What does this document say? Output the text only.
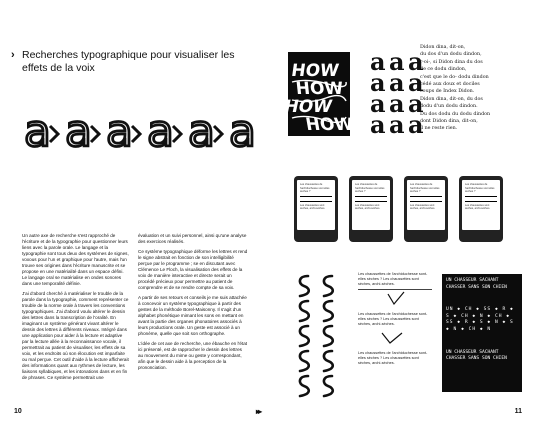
› Recherches typographique pour visualiser les effets de la voix
a a a a a a

Un autre axe de recherche s'est rapproché de l'écriture et de la typographie pour questionner leurs liens avec la parole orale. Le langage et la typographie sont tous deux des systèmes de signes, voxous pour l'un et graphique pour l'autre, mais l'un trouve ses origines dans l'écriture manuscrite et se propose en une matérialité dans un espace défini. Le langage oral se matérialise en ondes sonores dans une temporalité définie.

J'ai d'abord cherché à matérialiser le trouble de la parole dans la typographie, comment représenter ce trouble de la norme orale à travers les conventions typographiques. J'ai d'abord voulu altérer le dessin des lettres dans la transcription de l'oralité. En imaginant un système générant vivant altérer le dessin des lettres à différents niveaux. Intégré dans une application pour aider à la lecture et adaptive par la lecture allée à la reconnaissance vocale, il permettrait au patient de visualiser, les effets de sa voix, et les endroits où son élocution est imparfaite ou mal perçue. Cet outil d'aide à la lecture afficherait des informations quant aux rythmes de lecture, les liaisons syllabiques, et les intonations dans et en fin de phrases. Ce système permettrait une

évaluation et un suivi personnel, ainsi qu'une analyse des exercices réalisés.

Ce système typographique déforme les lettres et rend le signe abstrait en fonction de son intelligibilité perçue par le programme ; se en discutant avec Clémence Le Floch, la visualisation des effets de la voix de manière interactive et directe serait un procédé précieux pour permettre au patient de comprendre et de se rendre compte de sa voix.

A partir de ses retours et conseils je me suis attachée à concevoir un système typographique à partir des gestes de la méthode Borel-Maisonny. Il s'agit d'un alphabet phonétique mimant les sons en mettant en avant la partie des organes phonatoires associés à leurs productions orale. Un geste est associé à un phonème, quelle que soit son orthographe.

L'idée de cet axe de recherche, une ébauche en l'état ici présenté, est de rapprocher le dessin des lettres au mouvement du mime ou geste y correspondant, afin que le dessin aide à la perception de la prononciation.

10	▸▸
HOW
HOW
HOW
HOW
a a a
a a a
a a a
a a a
Didon dina, dit-on,
du dos d'un dodu dindon,
r-oi-, si Didon dina du dos
de ce dodu dindon,
c'est que le do- dodu dindon
cédé aux doux et dociles
coups de Index Didon.
Didon dina, dit-on, du dos
dodu d'un dodu dindon.
Du dos dodu du dodu dindon
dont Didon dina, dit-on,
il ne reste rien.
Les chaussettes de l'archiduchesse sont elles sèches ?
Les chaussettes sont sèches, archi-sèches.
Les chaussettes de l'archiduchesse sont elles sèches ?
Les chaussettes sont sèches, archi-sèches.
Les chaussettes de l'archiduchesse sont elles sèches ?
Les chaussettes sont sèches, archi-sèches.
Les chaussettes de l'archiduchesse sont elles sèches ?
Les chaussettes sont sèches, archi-sèches.
Les chaussettes de l'archiduchesse sont-elles sèches ? Les chaussettes sont sèches, archi-sèches.
Les chaussettes de l'archiduchesse sont-elles sèches ? Les chaussettes sont sèches, archi-sèches.
Les chaussettes de l'archiduchesse sont-elles sèches ? Les chaussettes sont sèches, archi-sèches.
UN CHASSEUR SACHANT CHASSER SANS SON CHIEN
UN ◆ CH ◆ SS ◆ R ◆ S ◆ CH ◆ N ◆ CH ◆ SS ◆ R ◆ S ◆ N ◆ S ◆ N ◆ CH ◆ N
UN CHASSEUR SACHANT CHASSER SANS SON CHIEN
11
